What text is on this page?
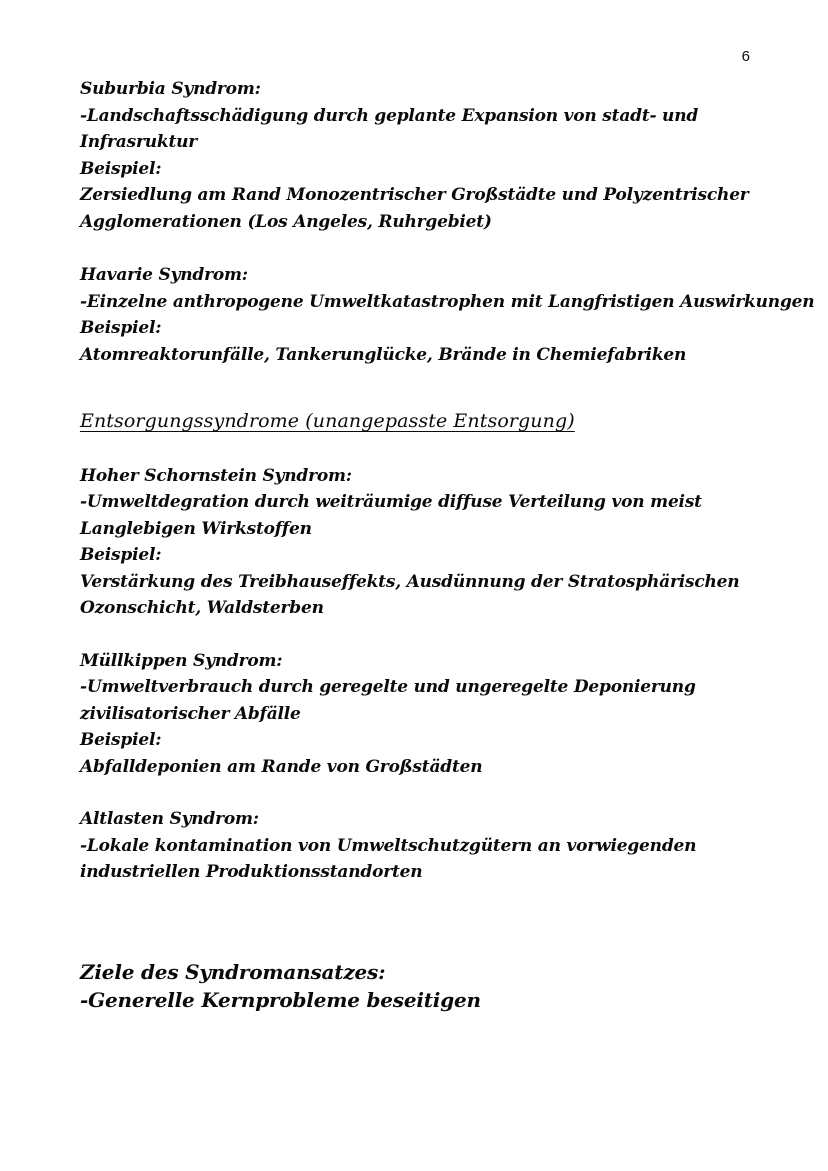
6
Suburbia Syndrom:
-Landschaftsschädigung durch geplante Expansion von stadt- und
Infrasruktur
Beispiel:
Zersiedlung am Rand Monozentrischer Großstädte und Polyzentrischer
Agglomerationen (Los Angeles, Ruhrgebiet)
Havarie Syndrom:
-Einzelne anthropogene Umweltkatastrophen mit Langfristigen Auswirkungen
Beispiel:
Atomreaktorunfälle, Tankerunglücke, Brände in Chemiefabriken
Entsorgungssyndrome (unangepasste Entsorgung)
Hoher Schornstein Syndrom:
-Umweltdegration durch weiträumige diffuse Verteilung von meist
Langlebigen Wirkstoffen
Beispiel:
Verstärkung des Treibhauseffekts, Ausdünnung der Stratosphärischen
Ozonschicht, Waldsterben
Müllkippen Syndrom:
-Umweltverbrauch durch geregelte und ungeregelte Deponierung
zivilisatorischer Abfälle
Beispiel:
Abfalldeponien am Rande von Großstädten
Altlasten Syndrom:
-Lokale kontamination von Umweltschutzgütern an vorwiegenden
industriellen Produktionsstandorten
Ziele des Syndromansatzes:
-Generelle Kernprobleme beseitigen
